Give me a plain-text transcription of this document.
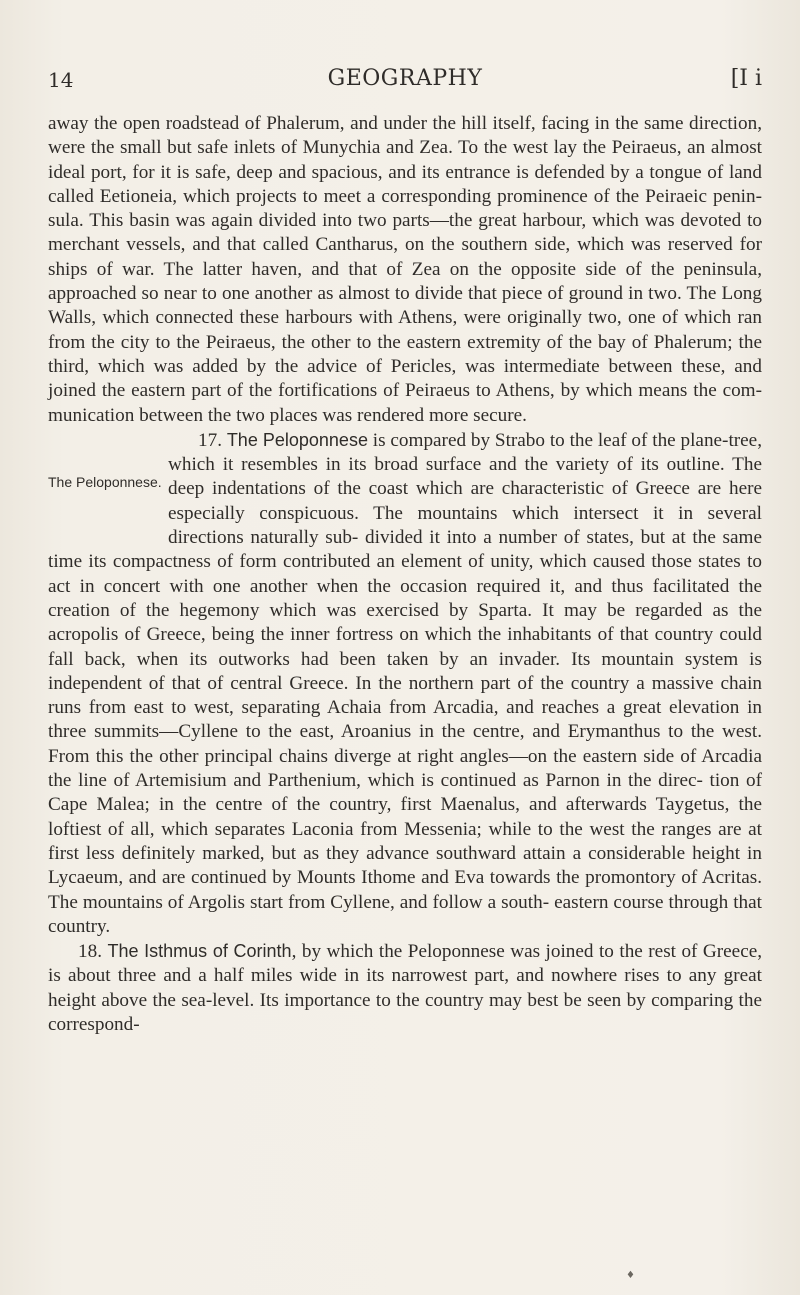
14	GEOGRAPHY	[I i

away the open roadstead of Phalerum, and under the hill itself, facing in the same direction, were the small but safe inlets of Munychia and Zea. To the west lay the Peiraeus, an almost ideal port, for it is safe, deep and spacious, and its entrance is defended by a tongue of land called Eetioneia, which projects to meet a corresponding prominence of the Peiraeic penin- sula. This basin was again divided into two parts—the great harbour, which was devoted to merchant vessels, and that called Cantharus, on the southern side, which was reserved for ships of war. The latter haven, and that of Zea on the opposite side of the peninsula, approached so near to one another as almost to divide that piece of ground in two. The Long Walls, which connected these harbours with Athens, were originally two, one of which ran from the city to the Peiraeus, the other to the eastern extremity of the bay of Phalerum; the third, which was added by the advice of Pericles, was intermediate between these, and joined the eastern part of the fortifications of Peiraeus to Athens, by which means the com- munication between the two places was rendered more secure.

17. The Peloponnese
The Peloponnese.
is compared by Strabo to the leaf of the plane-tree, which it resembles in its broad surface and the variety of its outline. The deep indentations of the coast which are characteristic of Greece are here especially conspicuous. The mountains which intersect it in several directions naturally sub- divided it into a number of states, but at the same time its compactness of form contributed an element of unity, which caused those states to act in concert with one another when the occasion required it, and thus facilitated the creation of the hegemony which was exercised by Sparta. It may be regarded as the acropolis of Greece, being the inner fortress on which the inhabitants of that country could fall back, when its outworks had been taken by an invader. Its mountain system is independent of that of central Greece. In the northern part of the country a massive chain runs from east to west, separating Achaia from Arcadia, and reaches a great elevation in three summits—Cyllene to the east, Aroanius in the centre, and Erymanthus to the west. From this the other principal chains diverge at right angles—on the eastern side of Arcadia the line of Artemisium and Parthenium, which is continued as Parnon in the direc- tion of Cape Malea; in the centre of the country, first Maenalus, and afterwards Taygetus, the loftiest of all, which separates Laconia from Messenia; while to the west the ranges are at first less definitely marked, but as they advance southward attain a considerable height in Lycaeum, and are continued by Mounts Ithome and Eva towards the promontory of Acritas. The mountains of Argolis start from Cyllene, and follow a south- eastern course through that country.

18. The Isthmus of Corinth, by which the Peloponnese was joined to the rest of Greece, is about three and a half miles wide in its narrowest part, and nowhere rises to any great height above the sea-level. Its importance to the country may best be seen by comparing the correspond-

♦
